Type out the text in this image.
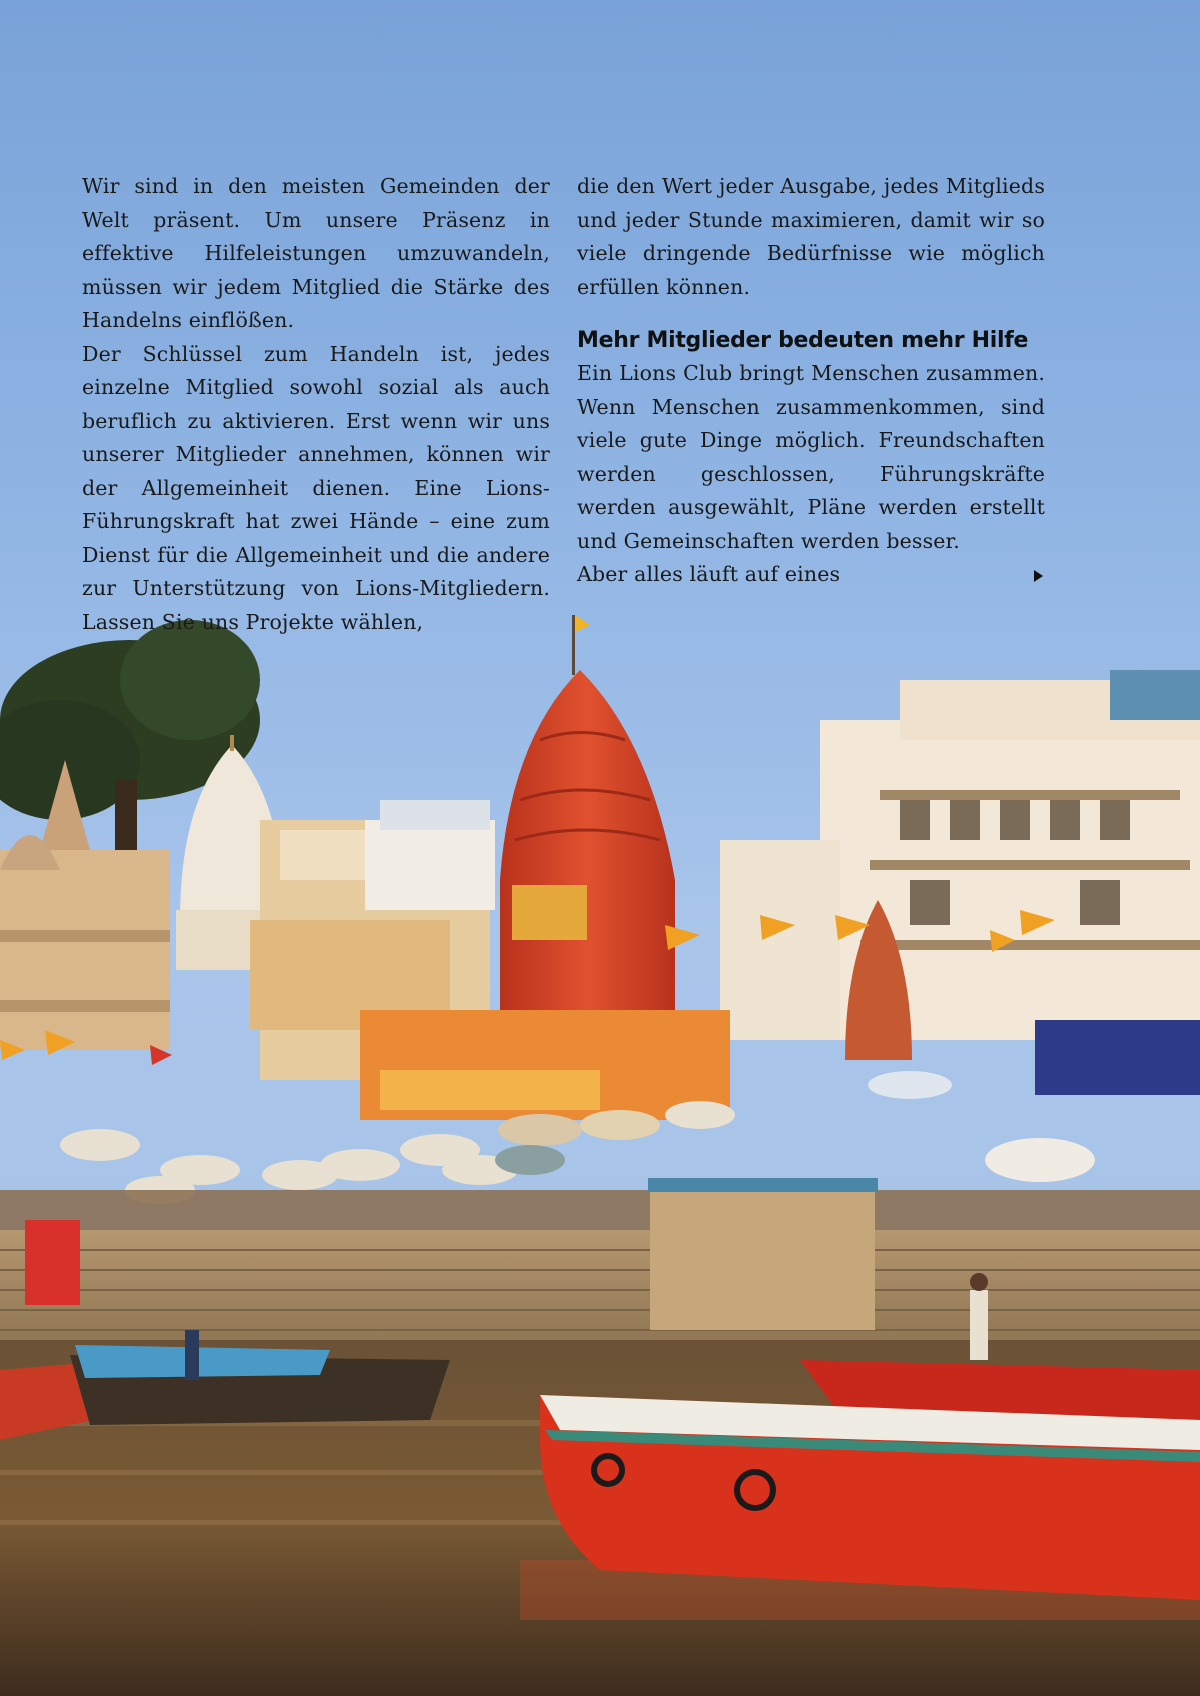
Wir sind in den meisten Gemeinden der Welt präsent. Um unsere Präsenz in effektive Hilfeleistungen umzuwandeln, müssen wir jedem Mitglied die Stärke des Handelns einflößen.

Der Schlüssel zum Handeln ist, jedes einzelne Mitglied sowohl sozial als auch beruflich zu aktivieren. Erst wenn wir uns unserer Mitglieder annehmen, können wir der Allgemeinheit dienen. Eine Lions-Führungskraft hat zwei Hände – eine zum Dienst für die Allgemeinheit und die andere zur Unterstützung von Lions-Mitgliedern. Lassen Sie uns Projekte wählen,

die den Wert jeder Ausgabe, jedes Mitglieds und jeder Stunde maximieren, damit wir so viele dringende Bedürfnisse wie möglich erfüllen können.

Mehr Mitglieder bedeuten mehr Hilfe

Ein Lions Club bringt Menschen zusammen. Wenn Menschen zusammenkommen, sind viele gute Dinge möglich. Freundschaften werden geschlossen, Führungskräfte werden ausgewählt, Pläne werden erstellt und Gemeinschaften werden besser.
Aber alles läuft auf eines
